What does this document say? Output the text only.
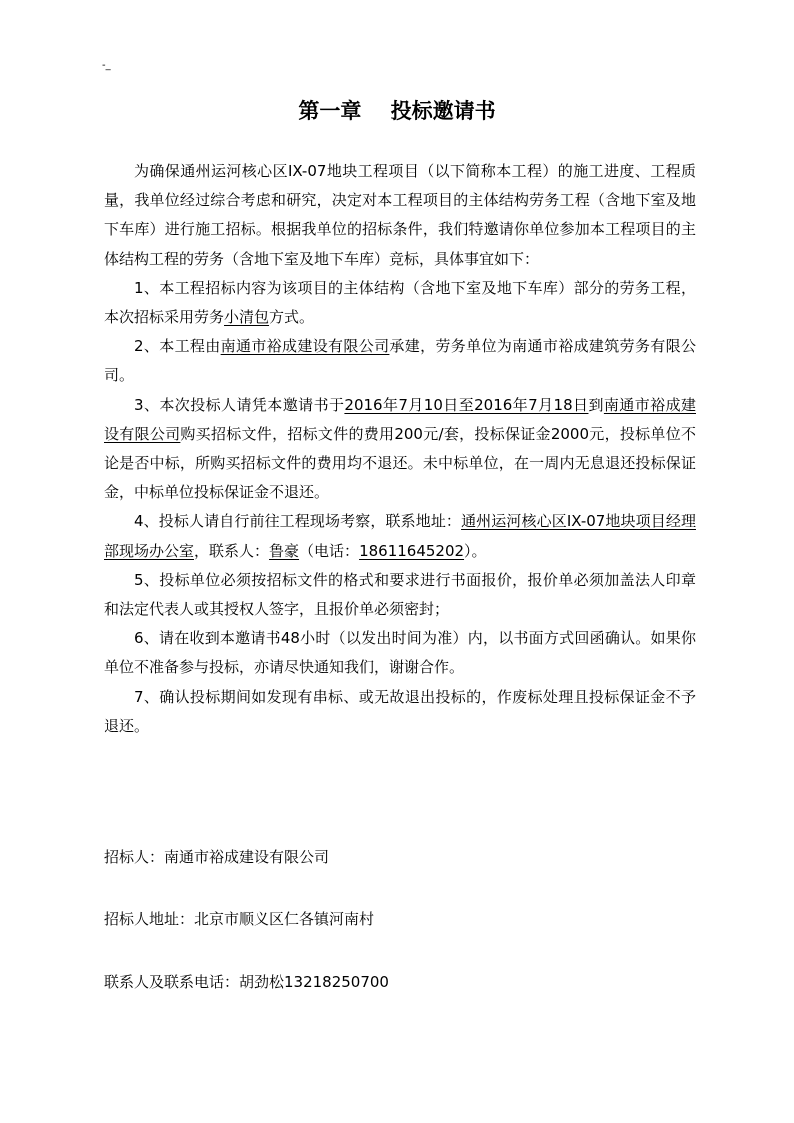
-_
第一章    投标邀请书

为确保通州运河核心区IX-07地块工程项目（以下简称本工程）的施工进度、工程质量，我单位经过综合考虑和研究，决定对本工程项目的主体结构劳务工程（含地下室及地下车库）进行施工招标。根据我单位的招标条件，我们特邀请你单位参加本工程项目的主体结构工程的劳务（含地下室及地下车库）竞标，具体事宜如下：

1、本工程招标内容为该项目的主体结构（含地下室及地下车库）部分的劳务工程，本次招标采用劳务小清包方式。

2、本工程由南通市裕成建设有限公司承建，劳务单位为南通市裕成建筑劳务有限公司。

3、本次投标人请凭本邀请书于2016年7月10日至2016年7月18日到南通市裕成建设有限公司购买招标文件，招标文件的费用200元/套，投标保证金2000元，投标单位不论是否中标，所购买招标文件的费用均不退还。未中标单位，在一周内无息退还投标保证金，中标单位投标保证金不退还。

4、投标人请自行前往工程现场考察，联系地址：通州运河核心区IX-07地块项目经理部现场办公室，联系人：鲁豪（电话：18611645202）。

5、投标单位必须按招标文件的格式和要求进行书面报价，报价单必须加盖法人印章和法定代表人或其授权人签字，且报价单必须密封；

6、请在收到本邀请书48小时（以发出时间为准）内，以书面方式回函确认。如果你单位不准备参与投标，亦请尽快通知我们，谢谢合作。

7、确认投标期间如发现有串标、或无故退出投标的，作废标处理且投标保证金不予退还。

招标人：南通市裕成建设有限公司
招标人地址：北京市顺义区仁各镇河南村
联系人及联系电话：胡劲松13218250700
